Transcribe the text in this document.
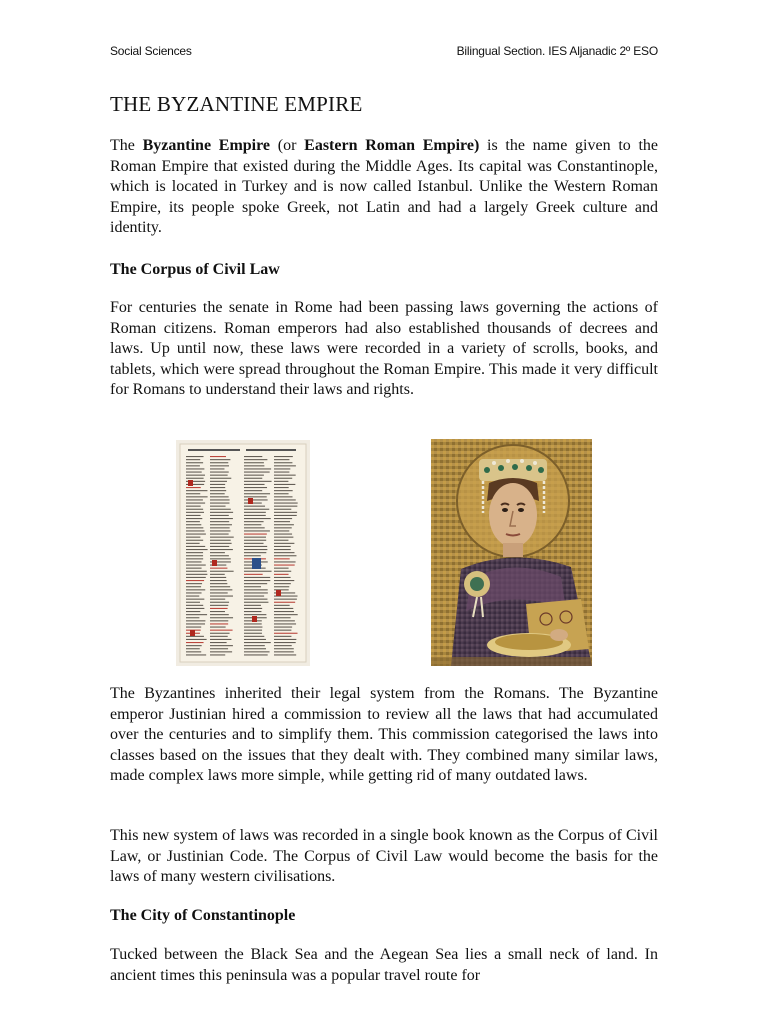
Social Sciences	Bilingual Section. IES Aljanadic 2º ESO
THE BYZANTINE EMPIRE

The Byzantine Empire (or Eastern Roman Empire) is the name given to the Roman Empire that existed during the Middle Ages. Its capital was Constantinople, which is located in Turkey and is now called Istanbul. Unlike the Western Roman Empire, its people spoke Greek, not Latin and had a largely Greek culture and identity.

The Corpus of Civil Law

For centuries the senate in Rome had been passing laws governing the actions of Roman citizens. Roman emperors had also established thousands of decrees and laws. Up until now, these laws were recorded in a variety of scrolls, books, and tablets, which were spread throughout the Roman Empire. This made it very difficult for Romans to understand their laws and rights.

The Byzantines inherited their legal system from the Romans. The Byzantine emperor Justinian hired a commission to review all the laws that had accumulated over the centuries and to simplify them. This commission categorised the laws into classes based on the issues that they dealt with. They combined many similar laws, made complex laws more simple, while getting rid of many outdated laws.

This new system of laws was recorded in a single book known as the Corpus of Civil Law, or Justinian Code. The Corpus of Civil Law would become the basis for the laws of many western civilisations.

The City of Constantinople

Tucked between the Black Sea and the Aegean Sea lies a small neck of land. In ancient times this peninsula was a popular travel route for
